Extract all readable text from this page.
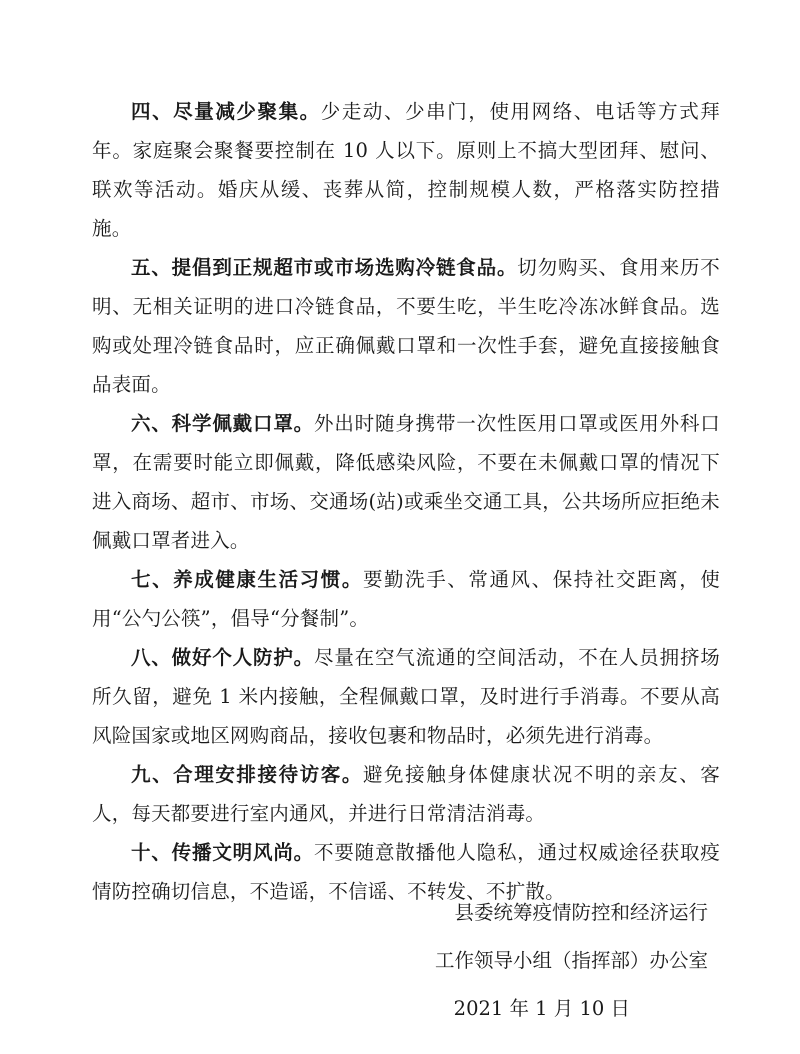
四、尽量减少聚集。少走动、少串门，使用网络、电话等方式拜年。家庭聚会聚餐要控制在 10 人以下。原则上不搞大型团拜、慰问、联欢等活动。婚庆从缓、丧葬从简，控制规模人数，严格落实防控措施。

五、提倡到正规超市或市场选购冷链食品。切勿购买、食用来历不明、无相关证明的进口冷链食品，不要生吃，半生吃冷冻冰鲜食品。选购或处理冷链食品时，应正确佩戴口罩和一次性手套，避免直接接触食品表面。

六、科学佩戴口罩。外出时随身携带一次性医用口罩或医用外科口罩，在需要时能立即佩戴，降低感染风险，不要在未佩戴口罩的情况下进入商场、超市、市场、交通场(站)或乘坐交通工具，公共场所应拒绝未佩戴口罩者进入。

七、养成健康生活习惯。要勤洗手、常通风、保持社交距离，使用“公勺公筷”，倡导“分餐制”。

八、做好个人防护。尽量在空气流通的空间活动，不在人员拥挤场所久留，避免 1 米内接触，全程佩戴口罩，及时进行手消毒。不要从高风险国家或地区网购商品，接收包裹和物品时，必须先进行消毒。

九、合理安排接待访客。避免接触身体健康状况不明的亲友、客人，每天都要进行室内通风，并进行日常清洁消毒。

十、传播文明风尚。不要随意散播他人隐私，通过权威途径获取疫情防控确切信息，不造谣，不信谣、不转发、不扩散。

县委统筹疫情防控和经济运行
工作领导小组（指挥部）办公室
2021 年 1 月 10 日
